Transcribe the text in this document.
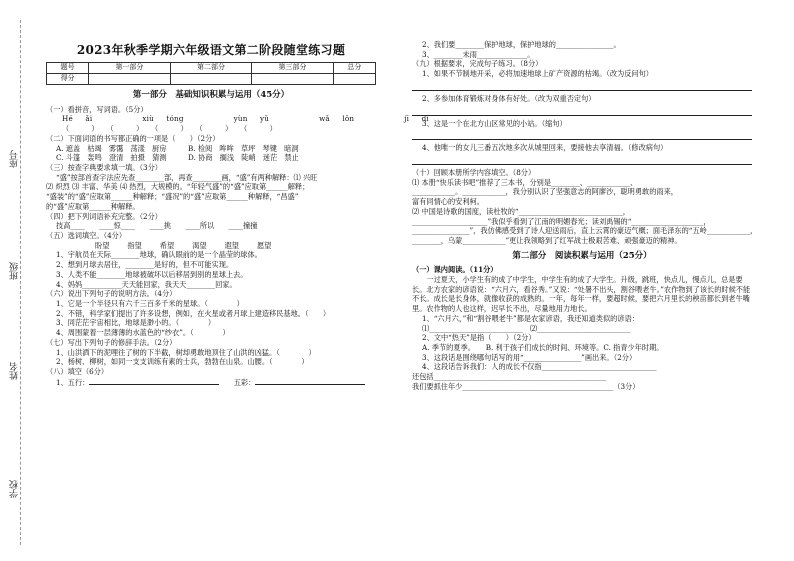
座号
班级
姓名
学校
2023年秋季学期六年级语文第二阶段随堂练习题
题号	第一部分	第二部分	第三部分	总分
得分				
第一部分　基础知识积累与运用（45分）

（一）看拼音，写词语。（5分）

Hé ǎi	xiù tóng	yùn yǔ	wǎ lǒn	jī dì

（　　　）　　（　　　）　　（　　　）　　（　　　）　　（　　　）

（二）下面词语的书写都正确的一项是（　　）（2分）

A. 遮盖　枯竭　雾霭　荡漾　厨房　　　	B. 检阅　哞哞　草坪　琴键　暗洞

C. 斗篷　轰鸣　澄清　拍摄　猜测　　　	D. 协商　搁浅　陡峭　迷茫　禁止

（三）按查字典要求填一填。（3分）

“盛”按部首查字法应先查________部，再查________画，“盛”有两种解释：⑴ 兴旺

⑵ 炽烈 ⑶ 丰富、华美 ⑷ 热烈，大规模的。“年轻气盛”的“盛”应取第______解释；

“盛装”的“盛”应取第______种解释；“盛况”的“盛”应取第______种解释，“昌盛”

的“盛”应取第______种解释。

（四）把下列词语补充完整。（2分）

技高____　　 ____惊____　　 ____挑　　 ____所以　　 ____撞撞

（五）选词填空。（4分）

盼望	指望	希望	渴望	遐望	愿望

1、宇航员在天际________地球，确认眼前的是一个晶莹的球体。

2、想到月球去居住，________是好的，但不可能实现。

3、人类不能________地球被破坏以后移居到别的星球上去。

4、妈妈___________天天能回家，我天天________回家。

（六）说出下列句子的说明方法。（4分）

1、它是一个半径只有六千三百多千米的星球。（　　　　）

2、不错，科学家们提出了许多设想，例如，在火星或者月球上建造移民基地。（　　）

3、同茫茫宇宙相比，地球是渺小的。（　　　　）

4、周围蒙着一层薄薄的水蓝色的“纱衣”。（　　　　）

（七）写出下列句子的修辞手法。（2分）

1、山洪洒下的泥哩往了树的下半截，树却勇敢地顶住了山洪的凶猛。（　　　　）

2、杨树、柳树，如同一支支训练有素的士兵，勃勃在山泉。山腰。（　　　　）

（八）填空（6分）

1、五行：　　	五彩：

2、我们要________保护地球，保护地球的________________。

3、________未雨______________。

（九）根据要求，完成句子练习。（8分）

1、如果不节制地开采，必将加速地球上矿产资源的枯竭。（改为反问句）

2、多参加体育锻炼对身体有好处。（改为双重否定句）

3、这是一个在北方山区常见的小站。（缩句）

4、他唯一的女儿三番五次地多次从城里回来，要接他去享清福。（修改病句）

（十）回顾本册所学内容填空。（8分）

⑴ 本册“快乐读书吧”推荐了三本书，分别是________、____________、

____________。____________，我分别认识了坚强意志的阿廖沙，聪明勇敢的雨来，

富有同情心的安利柯。

⑵ 中国是诗歌的国度，读杜牧的“_____________________________，

_____________________”我似乎看到了江南的明媚春光；读刘禹锡的“____________________，

________________”，我仿佛感受到了诗人迎送雨后，直上云霄的豪迈气概；面毛泽东的“五岭____________，

________，乌蒙____________”更让我领略到了红军战士极艰苦难、顽强豪迈的精神。

第二部分　阅读积累与运用（25分）

（一）课内阅读。（11分）

一过夏天，小学生有的成了中学生，中学生有的成了大学生。升级，跳班，快点儿，慢点儿，总是要长。北方农家的谚语说：“六月六，看谷秀。”又说：“处暑不出头，割谷喂老牛。”农作物到了该长的时候不能不长。成长是长身体，就像收获的成熟的。一年，每年一样，要超时候，要把六月里长的秧苗都长到老牛嘴里。农作物的人也这样，迟早长不出，尽量地用力地长。

1、“六月六，”和“割谷喂老牛”都是农家谚语，我还知道类似的谚语：

⑴__________________________　⑵__________________________

2、文中“热天”是指（　　）（2分）

A. 季节的夏季。　　 B. 利于孩子们成长的时间、环境等。C. 指青少年时期。

3、这段话是围绕哪句话写的用“________________”画出来。（2分）

4、这段话告诉我们：人的成长不仅指________________________________

还包括________________________________________________

我们要抓住年少__________________________________________（3分）
